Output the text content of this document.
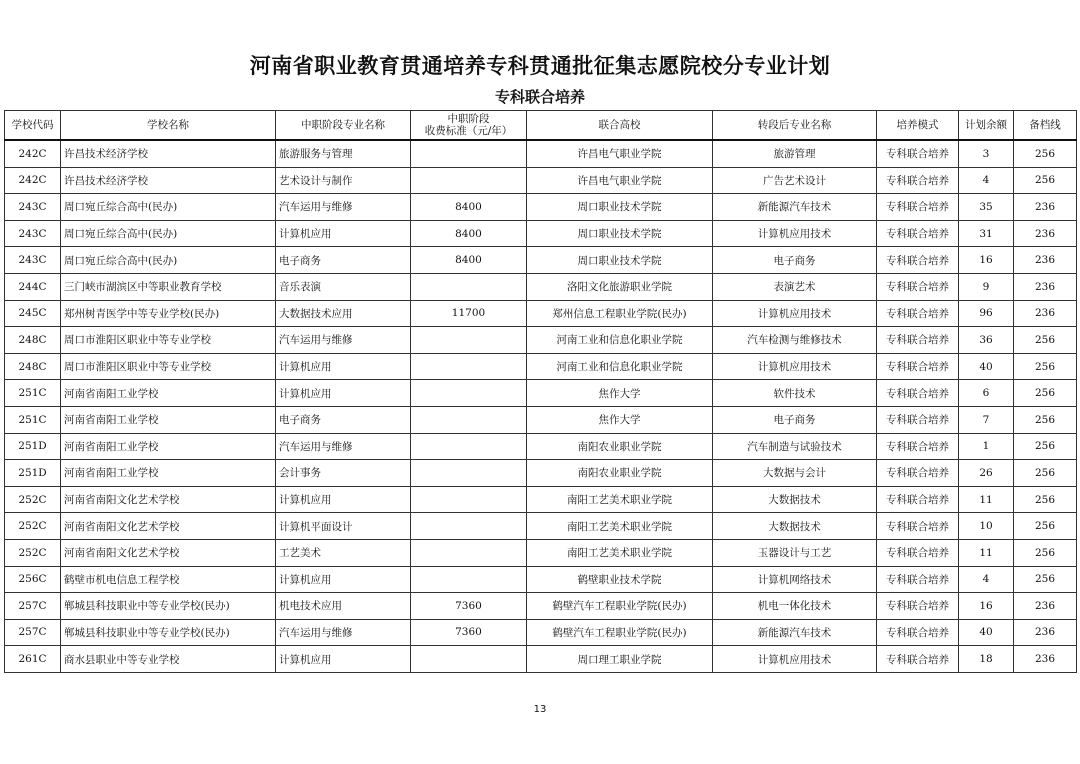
河南省职业教育贯通培养专科贯通批征集志愿院校分专业计划
专科联合培养
学校代码	学校名称	中职阶段专业名称	中职阶段
收费标准（元/年）	联合高校	转段后专业名称	培养模式	计划余额	备档线
242C	许昌技术经济学校	旅游服务与管理		许昌电气职业学院	旅游管理	专科联合培养	3	256
242C	许昌技术经济学校	艺术设计与制作		许昌电气职业学院	广告艺术设计	专科联合培养	4	256
243C	周口宛丘综合高中(民办)	汽车运用与维修	8400	周口职业技术学院	新能源汽车技术	专科联合培养	35	236
243C	周口宛丘综合高中(民办)	计算机应用	8400	周口职业技术学院	计算机应用技术	专科联合培养	31	236
243C	周口宛丘综合高中(民办)	电子商务	8400	周口职业技术学院	电子商务	专科联合培养	16	236
244C	三门峡市湖滨区中等职业教育学校	音乐表演		洛阳文化旅游职业学院	表演艺术	专科联合培养	9	236
245C	郑州树青医学中等专业学校(民办)	大数据技术应用	11700	郑州信息工程职业学院(民办)	计算机应用技术	专科联合培养	96	236
248C	周口市淮阳区职业中等专业学校	汽车运用与维修		河南工业和信息化职业学院	汽车检测与维修技术	专科联合培养	36	256
248C	周口市淮阳区职业中等专业学校	计算机应用		河南工业和信息化职业学院	计算机应用技术	专科联合培养	40	256
251C	河南省南阳工业学校	计算机应用		焦作大学	软件技术	专科联合培养	6	256
251C	河南省南阳工业学校	电子商务		焦作大学	电子商务	专科联合培养	7	256
251D	河南省南阳工业学校	汽车运用与维修		南阳农业职业学院	汽车制造与试验技术	专科联合培养	1	256
251D	河南省南阳工业学校	会计事务		南阳农业职业学院	大数据与会计	专科联合培养	26	256
252C	河南省南阳文化艺术学校	计算机应用		南阳工艺美术职业学院	大数据技术	专科联合培养	11	256
252C	河南省南阳文化艺术学校	计算机平面设计		南阳工艺美术职业学院	大数据技术	专科联合培养	10	256
252C	河南省南阳文化艺术学校	工艺美术		南阳工艺美术职业学院	玉器设计与工艺	专科联合培养	11	256
256C	鹤壁市机电信息工程学校	计算机应用		鹤壁职业技术学院	计算机网络技术	专科联合培养	4	256
257C	郸城县科技职业中等专业学校(民办)	机电技术应用	7360	鹤壁汽车工程职业学院(民办)	机电一体化技术	专科联合培养	16	236
257C	郸城县科技职业中等专业学校(民办)	汽车运用与维修	7360	鹤壁汽车工程职业学院(民办)	新能源汽车技术	专科联合培养	40	236
261C	商水县职业中等专业学校	计算机应用		周口理工职业学院	计算机应用技术	专科联合培养	18	236
13
